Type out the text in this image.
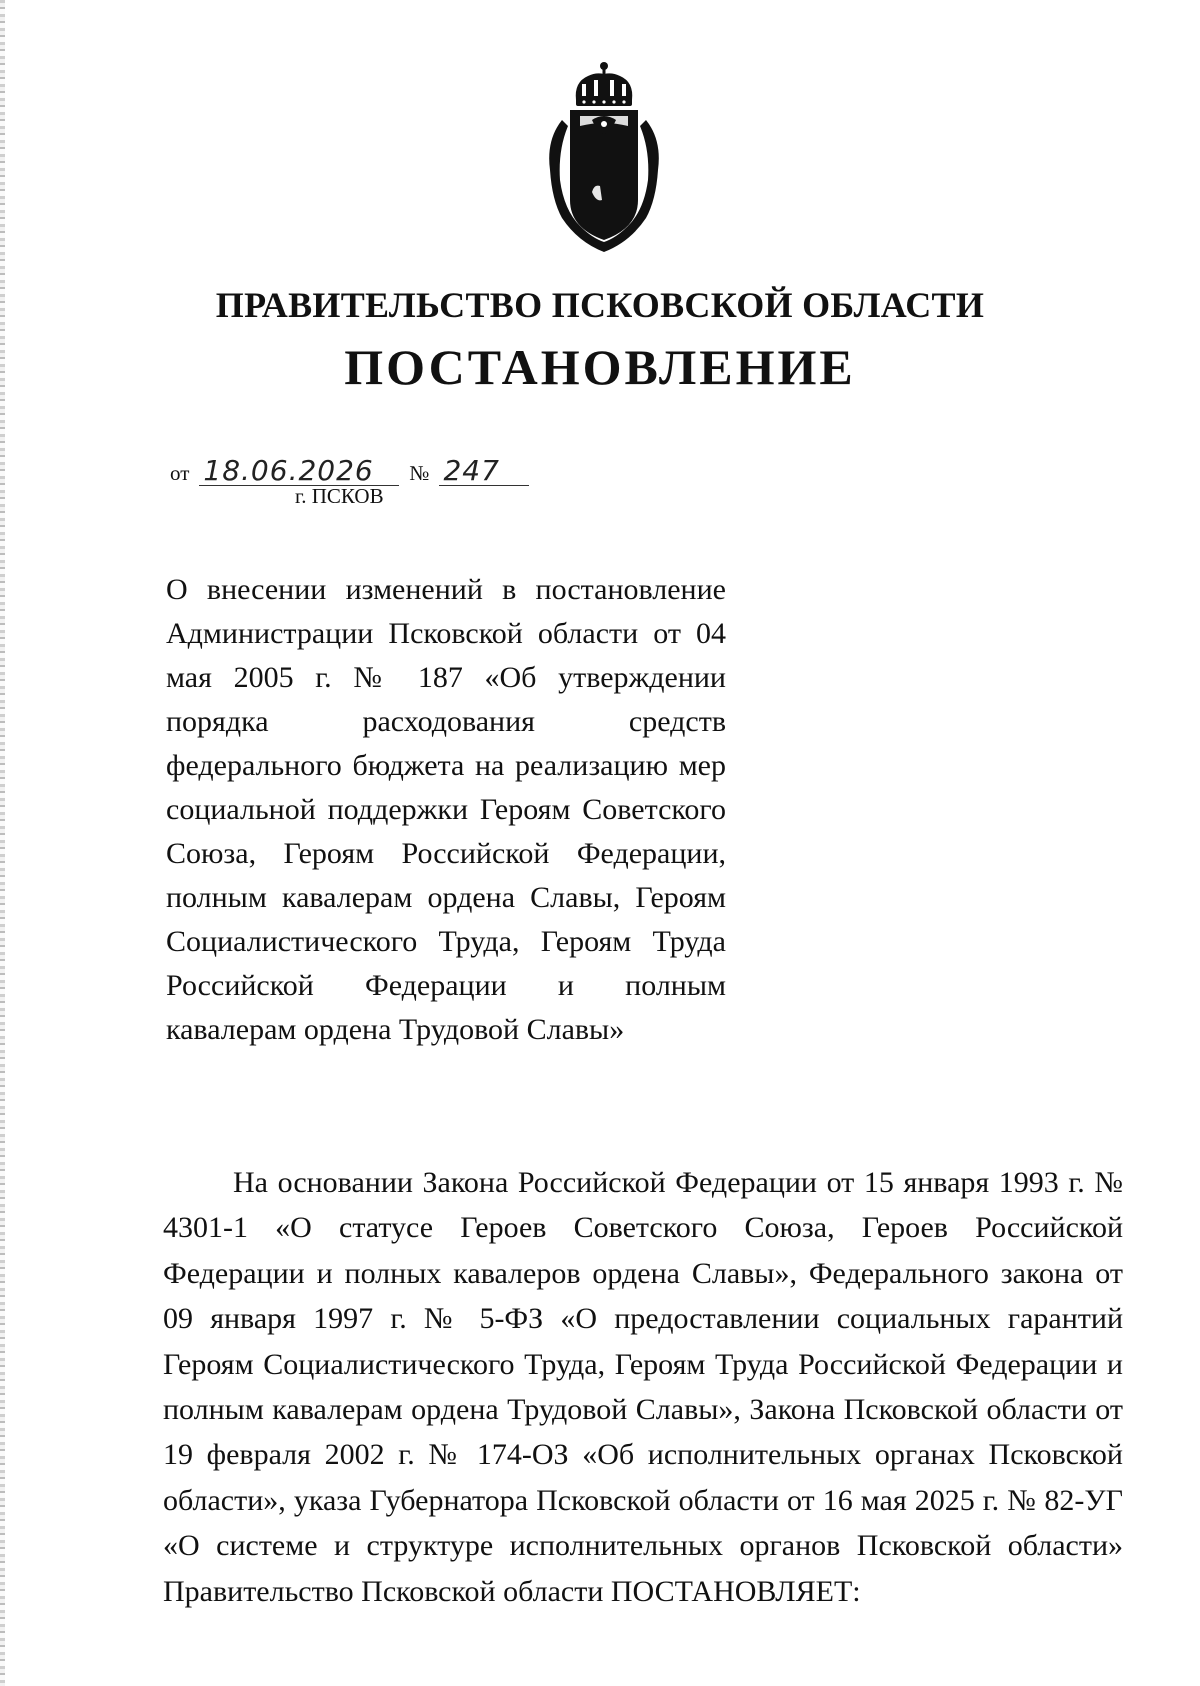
ПРАВИТЕЛЬСТВО ПСКОВСКОЙ ОБЛАСТИ
ПОСТАНОВЛЕНИЕ
от 18.06.2026	№ 247
г. ПСКОВ

О внесении изменений в постановление Администрации Псковской области от 04 мая 2005 г. № 187 «Об утверждении порядка расходования средств федерального бюджета на реализацию мер социальной поддержки Героям Советского Союза, Героям Российской Федерации, полным кавалерам ордена Славы, Героям Социалистического Труда, Героям Труда Российской Федерации и полным кавалерам ордена Трудовой Славы»

На основании Закона Российской Федерации от 15 января 1993 г. № 4301-1 «О статусе Героев Советского Союза, Героев Российской Федерации и полных кавалеров ордена Славы», Федерального закона от 09 января 1997 г. № 5-ФЗ «О предоставлении социальных гарантий Героям Социалистического Труда, Героям Труда Российской Федерации и полным кавалерам ордена Трудовой Славы», Закона Псковской области от 19 февраля 2002 г. № 174-ОЗ «Об исполнительных органах Псковской области», указа Губернатора Псковской области от 16 мая 2025 г. № 82-УГ «О системе и структуре исполнительных органов Псковской области» Правительство Псковской области ПОСТАНОВЛЯЕТ:
